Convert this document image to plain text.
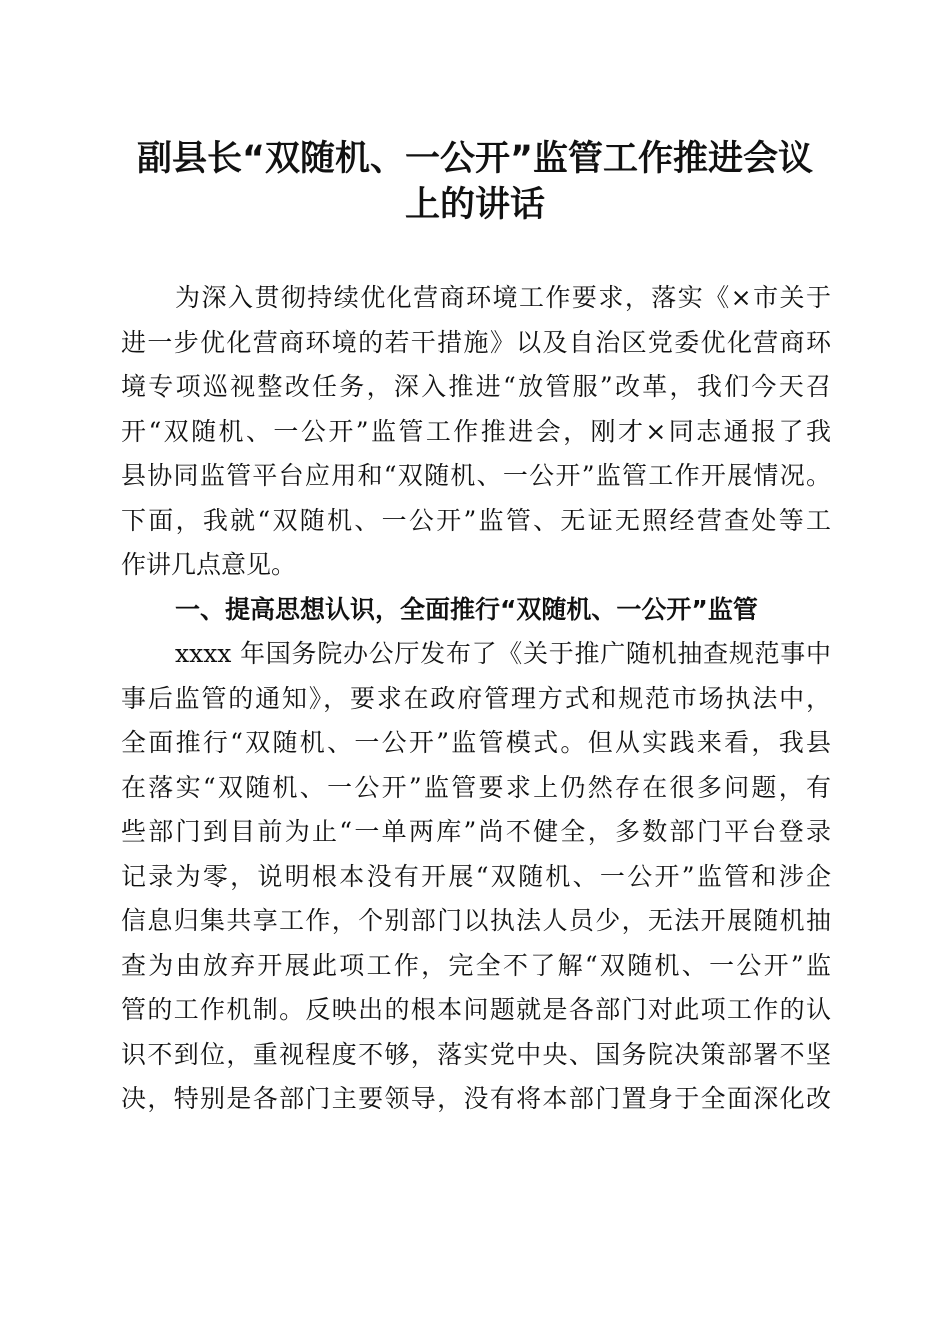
副县长“双随机、一公开”监管工作推进会议
上的讲话
为深入贯彻持续优化营商环境工作要求，落实《×市关于
进一步优化营商环境的若干措施》以及自治区党委优化营商环
境专项巡视整改任务，深入推进“放管服”改革，我们今天召
开“双随机、一公开”监管工作推进会，刚才×同志通报了我
县协同监管平台应用和“双随机、一公开”监管工作开展情况。
下面，我就“双随机、一公开”监管、无证无照经营查处等工
作讲几点意见。
一、提高思想认识，全面推行“双随机、一公开”监管
xxxx 年国务院办公厅发布了《关于推广随机抽查规范事中
事后监管的通知》，要求在政府管理方式和规范市场执法中，
全面推行“双随机、一公开”监管模式。但从实践来看，我县
在落实“双随机、一公开”监管要求上仍然存在很多问题，有
些部门到目前为止“一单两库”尚不健全，多数部门平台登录
记录为零，说明根本没有开展“双随机、一公开”监管和涉企
信息归集共享工作，个别部门以执法人员少，无法开展随机抽
查为由放弃开展此项工作，完全不了解“双随机、一公开”监
管的工作机制。反映出的根本问题就是各部门对此项工作的认
识不到位，重视程度不够，落实党中央、国务院决策部署不坚
决，特别是各部门主要领导，没有将本部门置身于全面深化改
